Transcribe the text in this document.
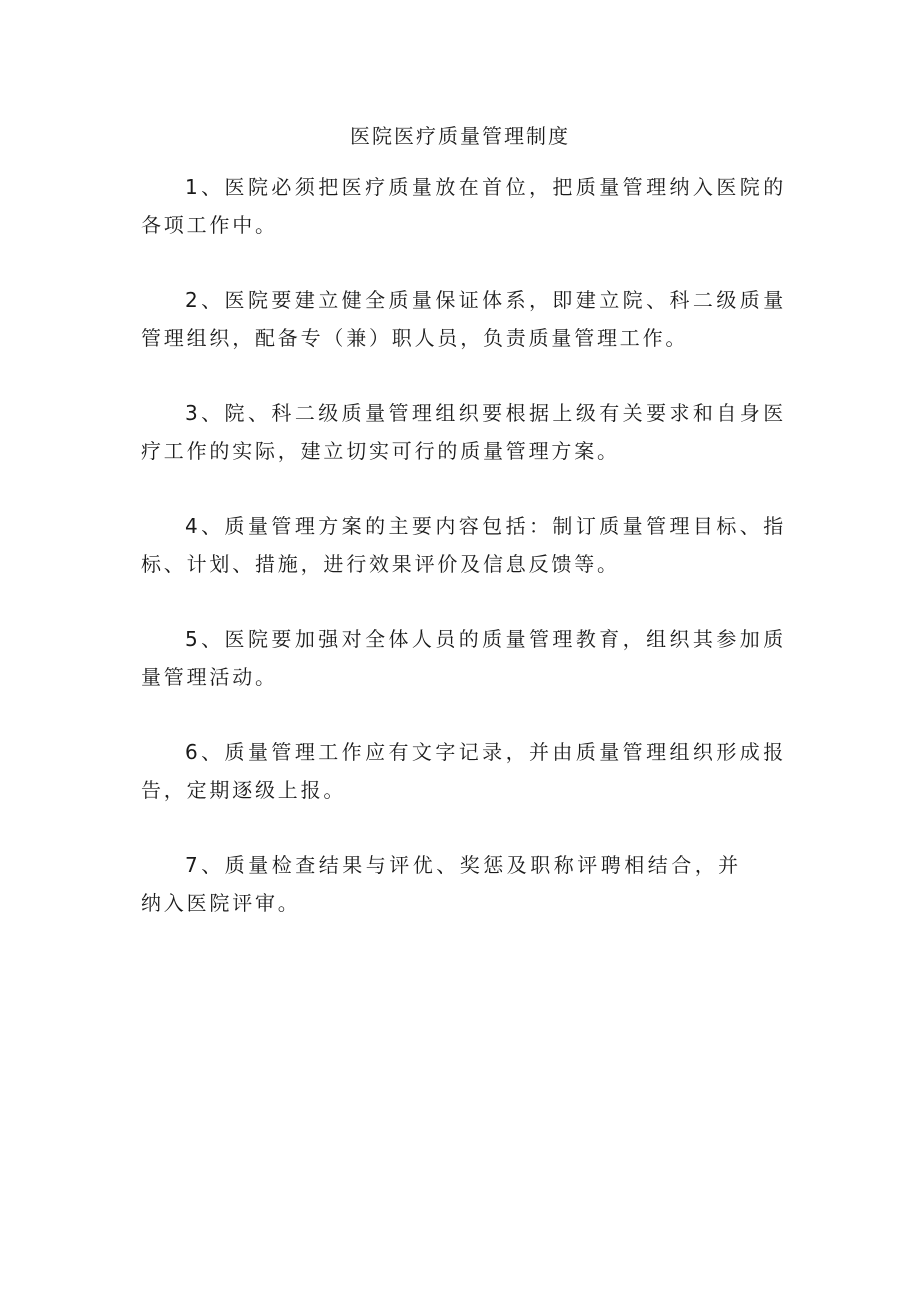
医院医疗质量管理制度

1、医院必须把医疗质量放在首位，把质量管理纳入医院的各项工作中。

2、医院要建立健全质量保证体系，即建立院、科二级质量管理组织，配备专（兼）职人员，负责质量管理工作。

3、院、科二级质量管理组织要根据上级有关要求和自身医疗工作的实际，建立切实可行的质量管理方案。

4、质量管理方案的主要内容包括：制订质量管理目标、指标、计划、措施，进行效果评价及信息反馈等。

5、医院要加强对全体人员的质量管理教育，组织其参加质量管理活动。

6、质量管理工作应有文字记录，并由质量管理组织形成报告，定期逐级上报。

7、质量检查结果与评优、奖惩及职称评聘相结合，并纳入医院评审。
